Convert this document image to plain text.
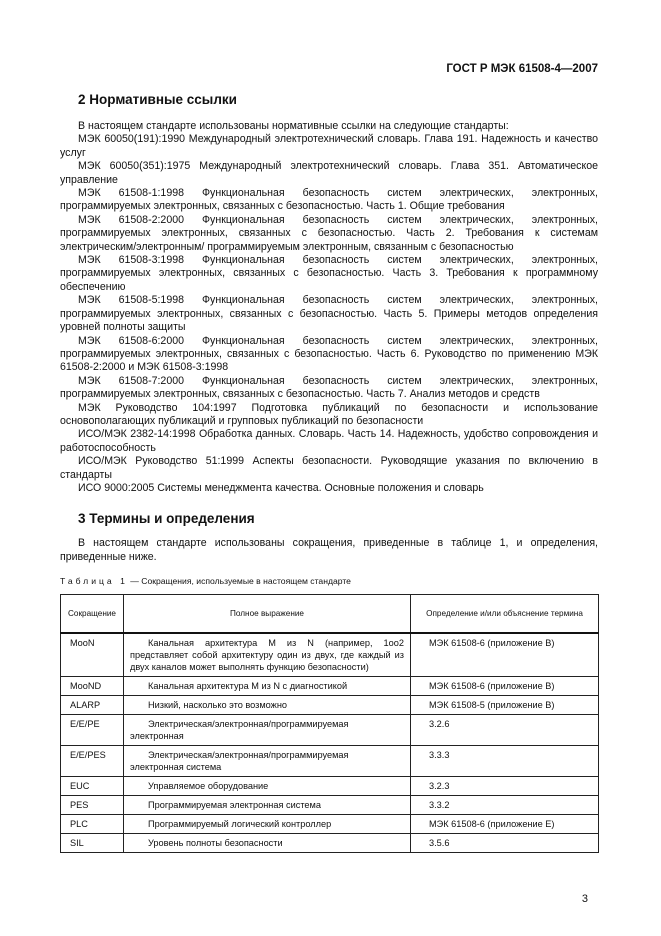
ГОСТ Р МЭК 61508-4—2007
2 Нормативные ссылки

В настоящем стандарте использованы нормативные ссылки на следующие стандарты:

МЭК 60050(191):1990 Международный электротехнический словарь. Глава 191. Надежность и качество услуг

МЭК 60050(351):1975 Международный электротехнический словарь. Глава 351. Автоматическое управление

МЭК 61508-1:1998 Функциональная безопасность систем электрических, электронных, программируемых электронных, связанных с безопасностью. Часть 1. Общие требования

МЭК 61508-2:2000 Функциональная безопасность систем электрических, электронных, программируемых электронных, связанных с безопасностью. Часть 2. Требования к системам электрическим/электронным/ программируемым электронным, связанным с безопасностью

МЭК 61508-3:1998 Функциональная безопасность систем электрических, электронных, программируемых электронных, связанных с безопасностью. Часть 3. Требования к программному обеспечению

МЭК 61508-5:1998 Функциональная безопасность систем электрических, электронных, программируемых электронных, связанных с безопасностью. Часть 5. Примеры методов определения уровней полноты защиты

МЭК 61508-6:2000 Функциональная безопасность систем электрических, электронных, программируемых электронных, связанных с безопасностью. Часть 6. Руководство по применению МЭК 61508-2:2000 и МЭК 61508-3:1998

МЭК 61508-7:2000 Функциональная безопасность систем электрических, электронных, программируемых электронных, связанных с безопасностью. Часть 7. Анализ методов и средств

МЭК Руководство 104:1997 Подготовка публикаций по безопасности и использование основополагающих публикаций и групповых публикаций по безопасности

ИСО/МЭК 2382-14:1998 Обработка данных. Словарь. Часть 14. Надежность, удобство сопровождения и работоспособность

ИСО/МЭК Руководство 51:1999 Аспекты безопасности. Руководящие указания по включению в стандарты

ИСО 9000:2005 Системы менеджмента качества. Основные положения и словарь

3 Термины и определения

В настоящем стандарте использованы сокращения, приведенные в таблице 1, и определения, приведенные ниже.

Таблица 1 — Сокращения, используемые в настоящем стандарте
Сокращение	Полное выражение	Определение и/или объяснение термина
MooN	Канальная архитектура M из N (например, 1oo2 представляет собой архитектуру один из двух, где каждый из двух каналов может выполнять функцию безопасности)	МЭК 61508-6 (приложение В)
MooND	Канальная архитектура M из N с диагностикой	МЭК 61508-6 (приложение В)
ALARP	Низкий, насколько это возможно	МЭК 61508-5 (приложение В)
E/E/PE	Электрическая/электронная/программируемая электронная	3.2.6
E/E/PES	Электрическая/электронная/программируемая электронная система	3.3.3
EUC	Управляемое оборудование	3.2.3
PES	Программируемая электронная система	3.3.2
PLC	Программируемый логический контроллер	МЭК 61508-6 (приложение Е)
SIL	Уровень полноты безопасности	3.5.6
3
